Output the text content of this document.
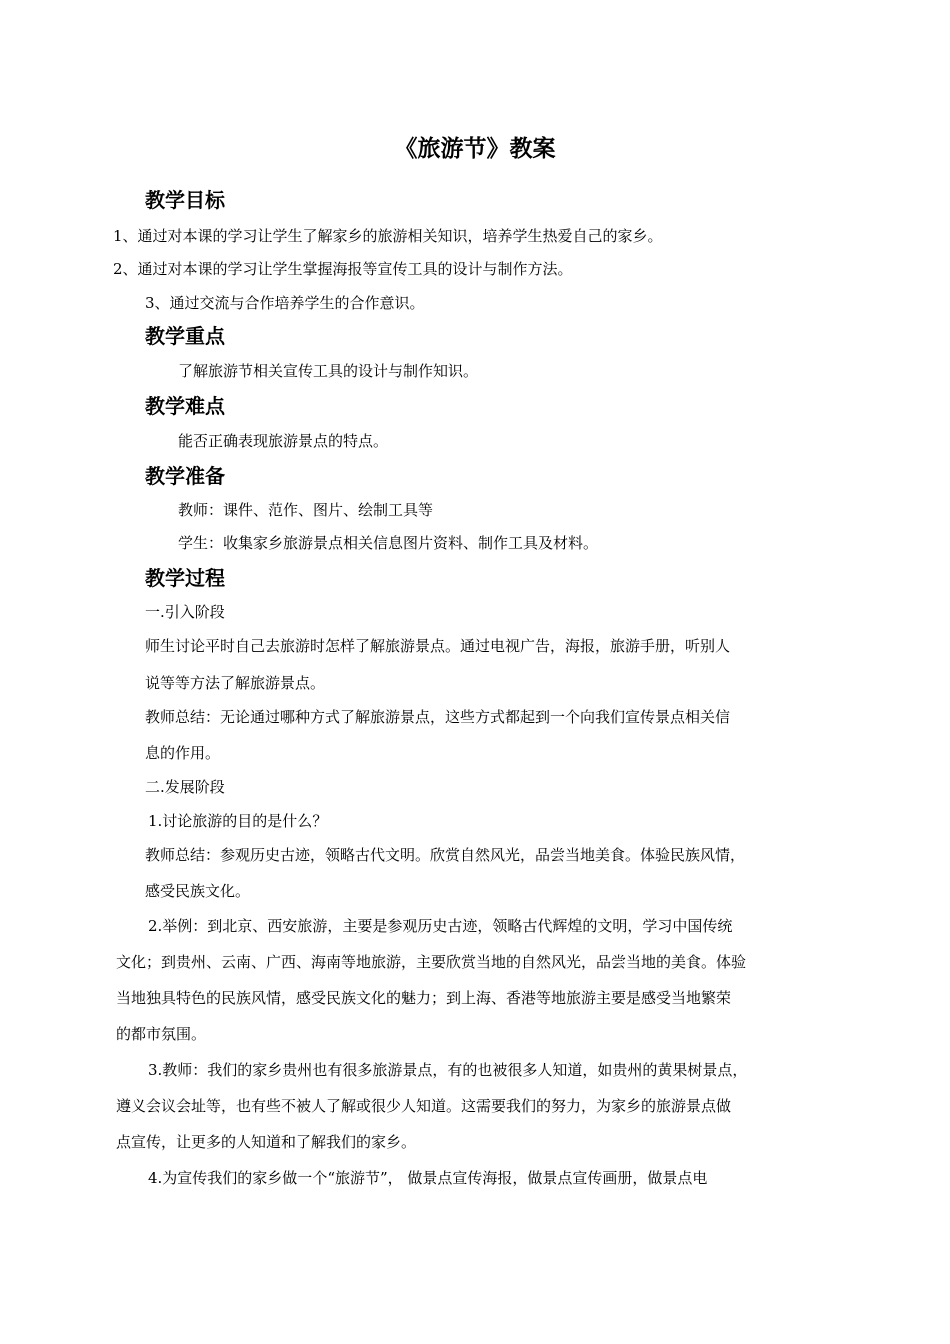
《旅游节》教案
教学目标
1、通过对本课的学习让学生了解家乡的旅游相关知识，培养学生热爱自己的家乡。
2、通过对本课的学习让学生掌握海报等宣传工具的设计与制作方法。
3、通过交流与合作培养学生的合作意识。
教学重点
了解旅游节相关宣传工具的设计与制作知识。
教学难点
能否正确表现旅游景点的特点。
教学准备
教师：课件、范作、图片、绘制工具等
学生：收集家乡旅游景点相关信息图片资料、制作工具及材料。
教学过程
一.引入阶段
师生讨论平时自己去旅游时怎样了解旅游景点。通过电视广告，海报，旅游手册，听别人
说等等方法了解旅游景点。
教师总结：无论通过哪种方式了解旅游景点，这些方式都起到一个向我们宣传景点相关信
息的作用。
二.发展阶段
1.讨论旅游的目的是什么？
教师总结：参观历史古迹，领略古代文明。欣赏自然风光，品尝当地美食。体验民族风情，
感受民族文化。
2.举例：到北京、西安旅游，主要是参观历史古迹，领略古代辉煌的文明，学习中国传统
文化；到贵州、云南、广西、海南等地旅游，主要欣赏当地的自然风光，品尝当地的美食。体验
当地独具特色的民族风情，感受民族文化的魅力；到上海、香港等地旅游主要是感受当地繁荣
的都市氛围。
3.教师：我们的家乡贵州也有很多旅游景点，有的也被很多人知道，如贵州的黄果树景点，
遵义会议会址等，也有些不被人了解或很少人知道。这需要我们的努力，为家乡的旅游景点做
点宣传，让更多的人知道和了解我们的家乡。
4.为宣传我们的家乡做一个“旅游节”， 做景点宣传海报，做景点宣传画册，做景点电
